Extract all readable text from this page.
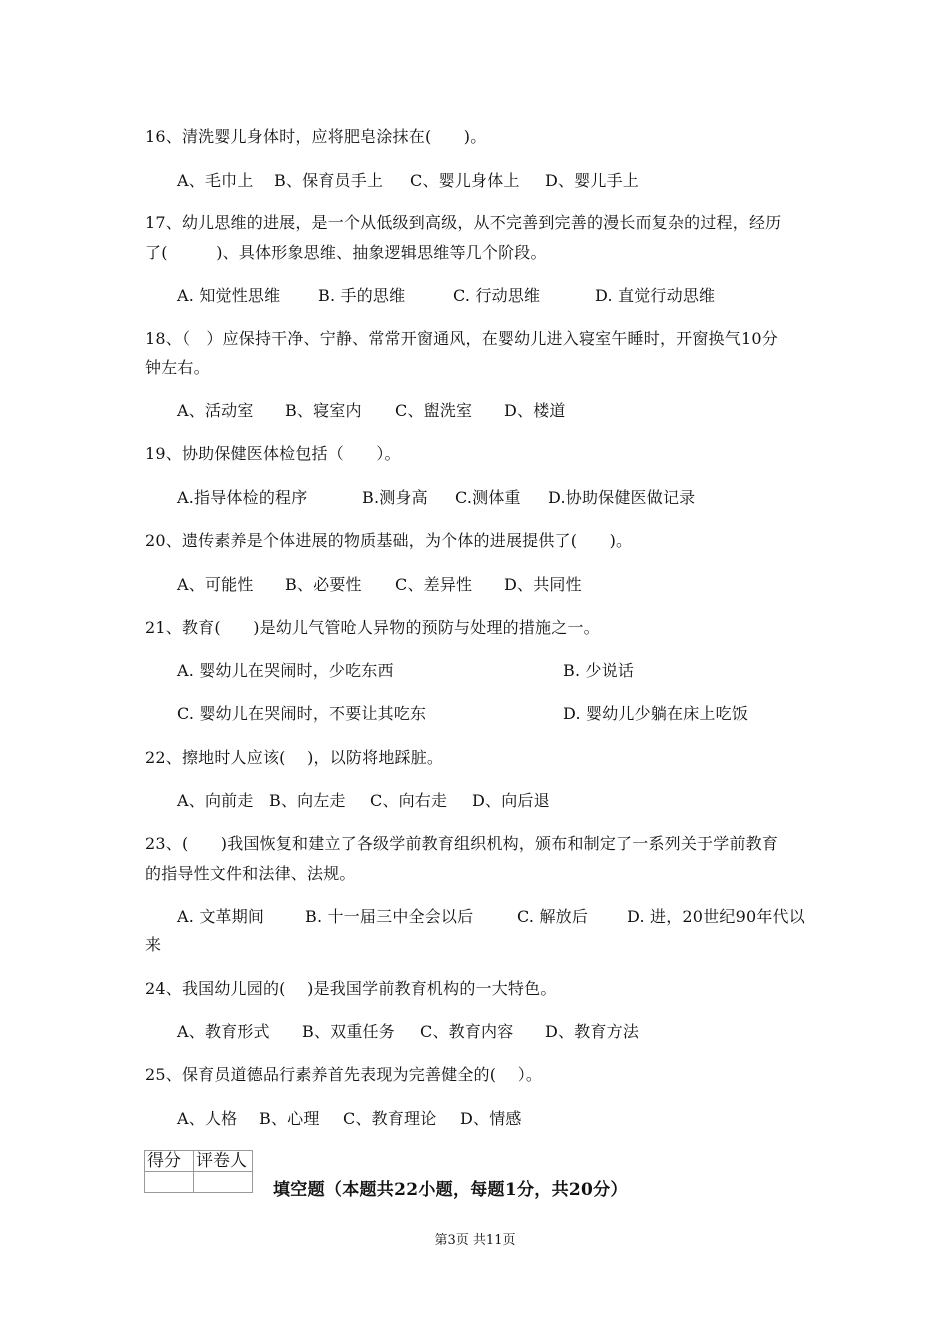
16、清洗婴儿身体时，应将肥皂涂抹在(　　)。
A、毛巾上 B、保育员手上 C、婴儿身体上 D、婴儿手上
17、幼儿思维的进展，是一个从低级到高级，从不完善到完善的漫长而复杂的过程，经历
了(　　　)、具体形象思维、抽象逻辑思维等几个阶段。
A. 知觉性思维 B. 手的思维	C. 行动思维	D. 直觉行动思维
18、（　）应保持干净、宁静、常常开窗通风，在婴幼儿进入寝室午睡时，开窗换气10分
钟左右。
A、活动室 B、寝室内 C、盥洗室 D、楼道
19、协助保健医体检包括（　　）。
A.指导体检的程序	B.测身高 C.测体重 D.协助保健医做记录
20、遗传素养是个体进展的物质基础，为个体的进展提供了(　　)。
A、可能性 B、必要性 C、差异性 D、共同性
21、教育(　　)是幼儿气管呛人异物的预防与处理的措施之一。
A. 婴幼儿在哭闹时，少吃东西	B. 少说话
C. 婴幼儿在哭闹时，不要让其吃东	D. 婴幼儿少躺在床上吃饭
22、擦地时人应该(　 )，以防将地踩脏。
A、向前走 B、向左走 C、向右走 D、向后退
23、(　　)我国恢复和建立了各级学前教育组织机构，颁布和制定了一系列关于学前教育
的指导性文件和法律、法规。
A. 文革期间	B. 十一届三中全会以后	C. 解放后 D. 进，20世纪90年代以
来
24、我国幼儿园的(　 )是我国学前教育机构的一大特色。
A、教育形式 B、双重任务 C、教育内容 D、教育方法
25、保育员道德品行素养首先表现为完善健全的(　 ）。
A、人格 B、心理 C、教育理论 D、情感
得分	评卷人

填空题（本题共22小题，每题1分，共20分）
第3页 共11页
